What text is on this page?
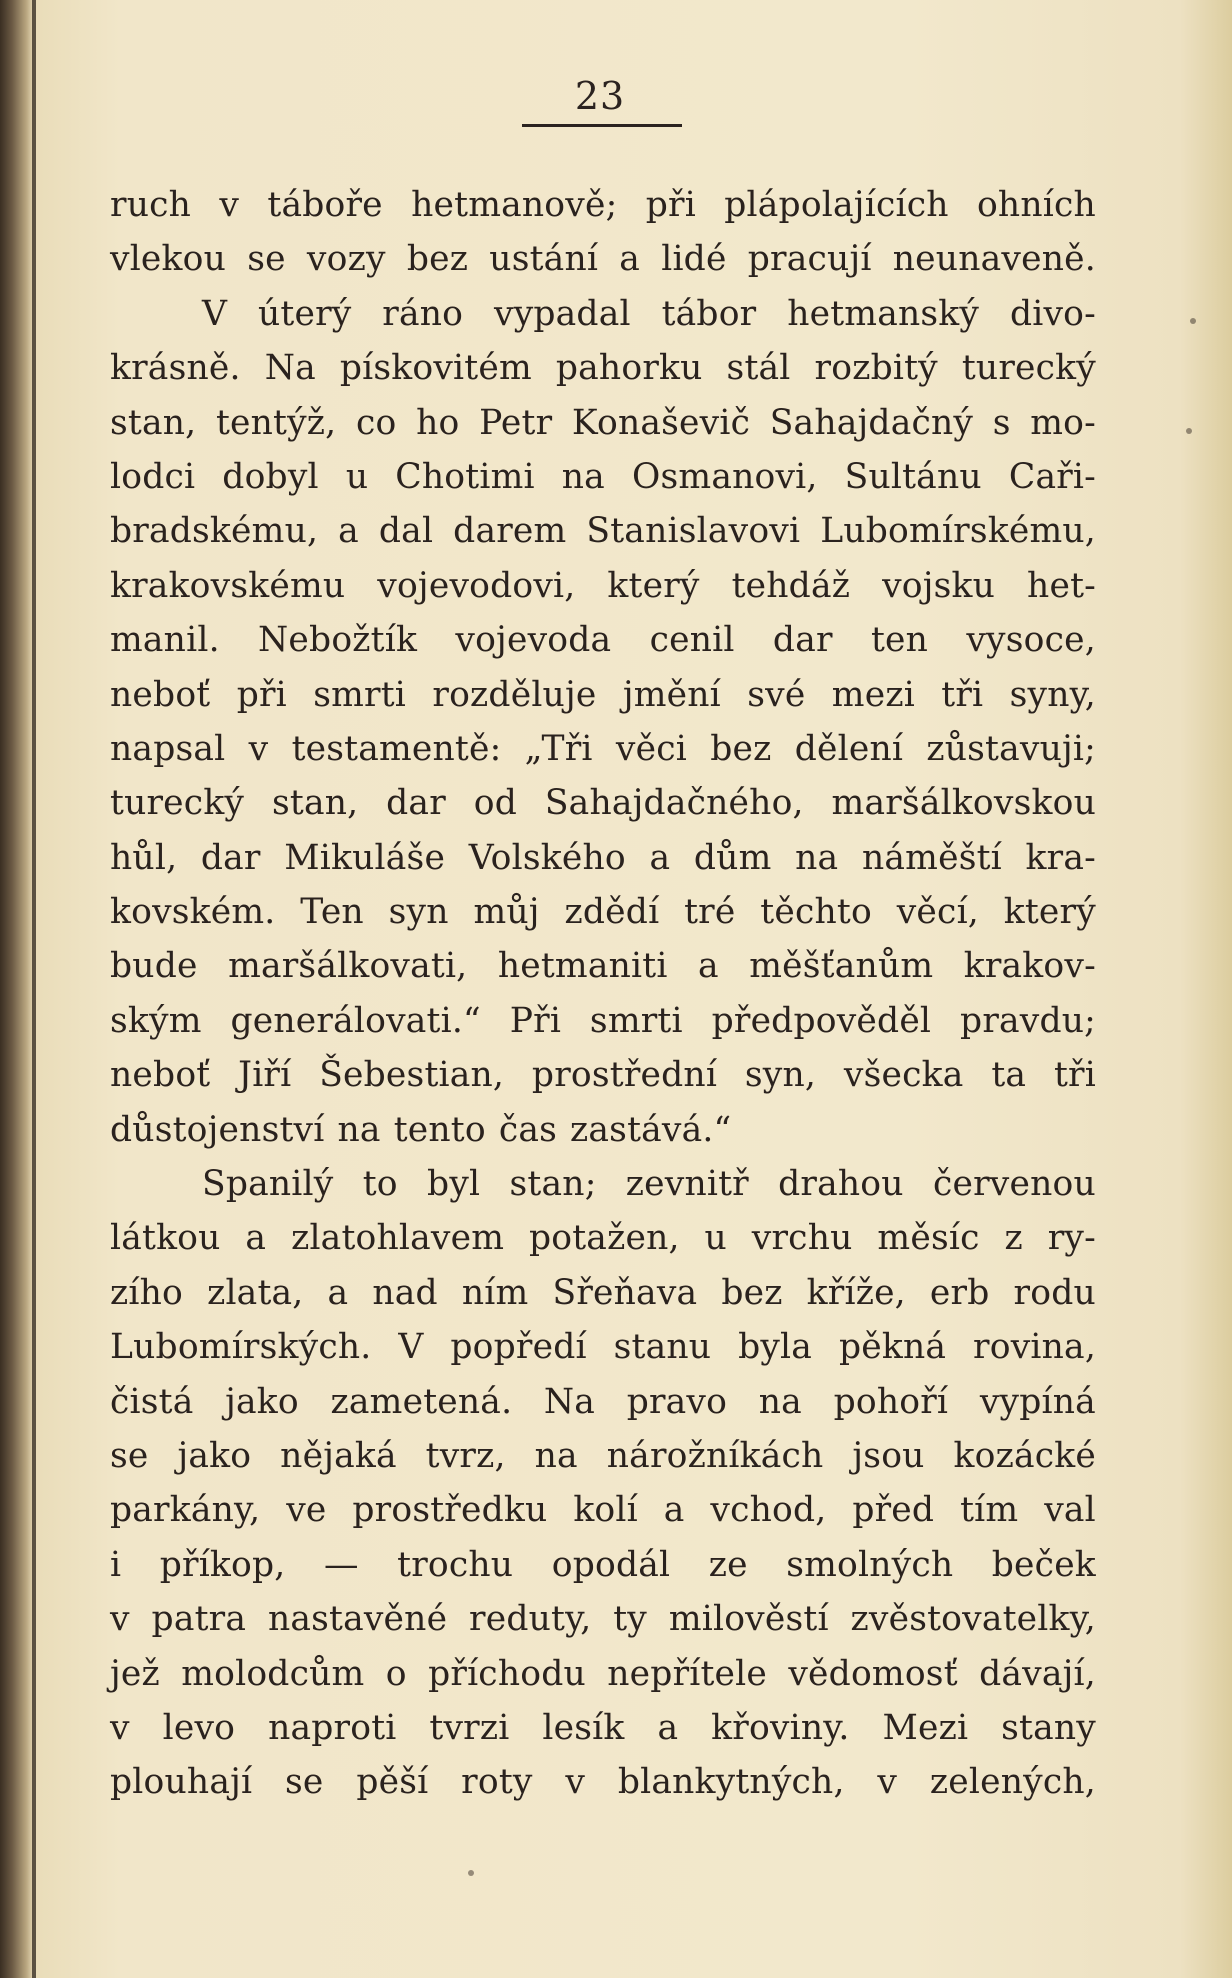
23
ruch v táboře hetmanově; při plápolajících ohních
vlekou se vozy bez ustání a lidé pracují neunaveně.
V úterý ráno vypadal tábor hetmanský divo-
krásně. Na pískovitém pahorku stál rozbitý turecký
stan, tentýž, co ho Petr Konaševič Sahajdačný s mo-
lodci dobyl u Chotimi na Osmanovi, Sultánu Caři-
bradskému, a dal darem Stanislavovi Lubomírskému,
krakovskému vojevodovi, který tehdáž vojsku het-
manil. Nebožtík vojevoda cenil dar ten vysoce,
neboť při smrti rozděluje jmění své mezi tři syny,
napsal v testamentě: „Tři věci bez dělení zůstavuji;
turecký stan, dar od Sahajdačného, maršálkovskou
hůl, dar Mikuláše Volského a dům na náměští kra-
kovském. Ten syn můj zdědí tré těchto věcí, který
bude maršálkovati, hetmaniti a měšťanům krakov-
ským generálovati.“ Při smrti předpověděl pravdu;
neboť Jiří Šebestian, prostřední syn, všecka ta tři
důstojenství na tento čas zastává.“
Spanilý to byl stan; zevnitř drahou červenou
látkou a zlatohlavem potažen, u vrchu měsíc z ry-
zího zlata, a nad ním Sřeňava bez kříže, erb rodu
Lubomírských. V popředí stanu byla pěkná rovina,
čistá jako zametená. Na pravo na pohoří vypíná
se jako nějaká tvrz, na nárožníkách jsou kozácké
parkány, ve prostředku kolí a vchod, před tím val
i příkop, — trochu opodál ze smolných beček
v patra nastavěné reduty, ty milověstí zvěstovatelky,
jež molodcům o příchodu nepřítele vědomosť dávají,
v levo naproti tvrzi lesík a křoviny. Mezi stany
plouhají se pěší roty v blankytných, v zelených,
